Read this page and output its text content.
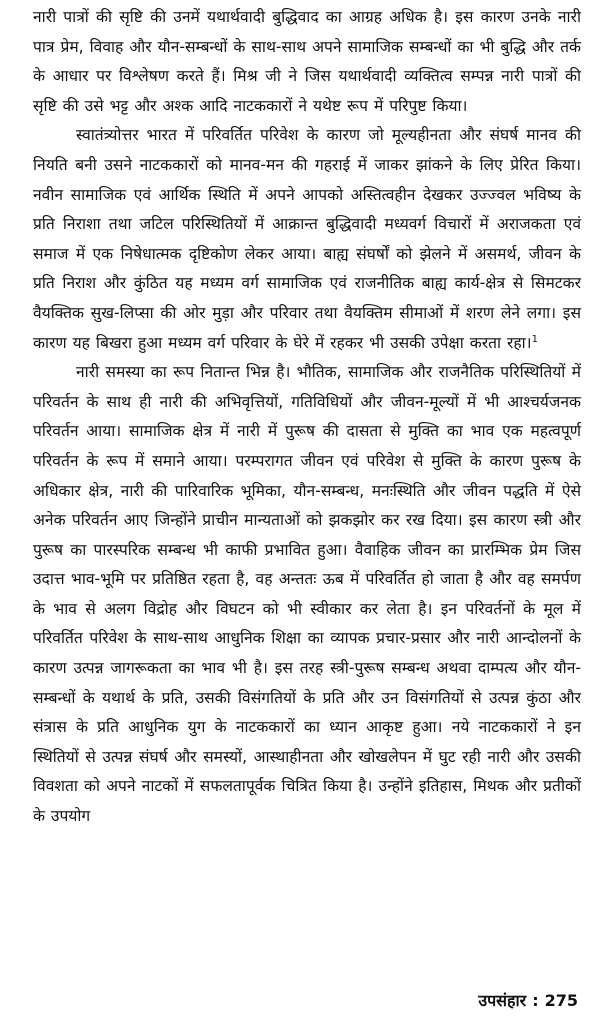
नारी पात्रों की सृष्टि की उनमें यथार्थवादी बुद्धिवाद का आग्रह अधिक है। इस कारण उनके नारी पात्र प्रेम, विवाह और यौन-सम्बन्धों के साथ-साथ अपने सामाजिक सम्बन्धों का भी बुद्धि और तर्क के आधार पर विश्लेषण करते हैं। मिश्र जी ने जिस यथार्थवादी व्यक्तित्व सम्पन्न नारी पात्रों की सृष्टि की उसे भट्ट और अश्क आदि नाटककारों ने यथेष्ट रूप में परिपुष्ट किया।

स्वातंत्र्योत्तर भारत में परिवर्तित परिवेश के कारण जो मूल्यहीनता और संघर्ष मानव की नियति बनी उसने नाटककारों को मानव-मन की गहराई में जाकर झांकने के लिए प्रेरित किया। नवीन सामाजिक एवं आर्थिक स्थिति में अपने आपको अस्तित्वहीन देखकर उज्ज्वल भविष्य के प्रति निराशा तथा जटिल परिस्थितियों में आक्रान्त बुद्धिवादी मध्यवर्ग विचारों में अराजकता एवं समाज में एक निषेधात्मक दृष्टिकोण लेकर आया। बाह्य संघर्षों को झेलने में असमर्थ, जीवन के प्रति निराश और कुंठित यह मध्यम वर्ग सामाजिक एवं राजनीतिक बाह्य कार्य-क्षेत्र से सिमटकर वैयक्तिक सुख-लिप्सा की ओर मुड़ा और परिवार तथा वैयक्तिम सीमाओं में शरण लेने लगा। इस कारण यह बिखरा हुआ मध्यम वर्ग परिवार के घेरे में रहकर भी उसकी उपेक्षा करता रहा।$^1$

नारी समस्या का रूप नितान्त भिन्न है। भौतिक, सामाजिक और राजनैतिक परिस्थितियों में परिवर्तन के साथ ही नारी की अभिवृत्तियों, गतिविधियों और जीवन-मूल्यों में भी आश्चर्यजनक परिवर्तन आया। सामाजिक क्षेत्र में नारी में पुरूष की दासता से मुक्ति का भाव एक महत्वपूर्ण परिवर्तन के रूप में समाने आया। परम्परागत जीवन एवं परिवेश से मुक्ति के कारण पुरूष के अधिकार क्षेत्र, नारी की पारिवारिक भूमिका, यौन-सम्बन्ध, मनःस्थिति और जीवन पद्धति में ऐसे अनेक परिवर्तन आए जिन्होंने प्राचीन मान्यताओं को झकझोर कर रख दिया। इस कारण स्त्री और पुरूष का पारस्परिक सम्बन्ध भी काफी प्रभावित हुआ। वैवाहिक जीवन का प्रारम्भिक प्रेम जिस उदात्त भाव-भूमि पर प्रतिष्ठित रहता है, वह अन्ततः ऊब में परिवर्तित हो जाता है और वह समर्पण के भाव से अलग विद्रोह और विघटन को भी स्वीकार कर लेता है। इन परिवर्तनों के मूल में परिवर्तित परिवेश के साथ-साथ आधुनिक शिक्षा का व्यापक प्रचार-प्रसार और नारी आन्दोलनों के कारण उत्पन्न जागरूकता का भाव भी है। इस तरह स्त्री-पुरूष सम्बन्ध अथवा दाम्पत्य और यौन-सम्बन्धों के यथार्थ के प्रति, उसकी विसंगतियों के प्रति और उन विसंगतियों से उत्पन्न कुंठा और संत्रास के प्रति आधुनिक युग के नाटककारों का ध्यान आकृष्ट हुआ। नये नाटककारों ने इन स्थितियों से उत्पन्न संघर्ष और समस्यों, आस्थाहीनता और खोखलेपन में घुट रही नारी और उसकी विवशता को अपने नाटकों में सफलतापूर्वक चित्रित किया है। उन्होंने इतिहास, मिथक और प्रतीकों के उपयोग

उपसंहार : 275
